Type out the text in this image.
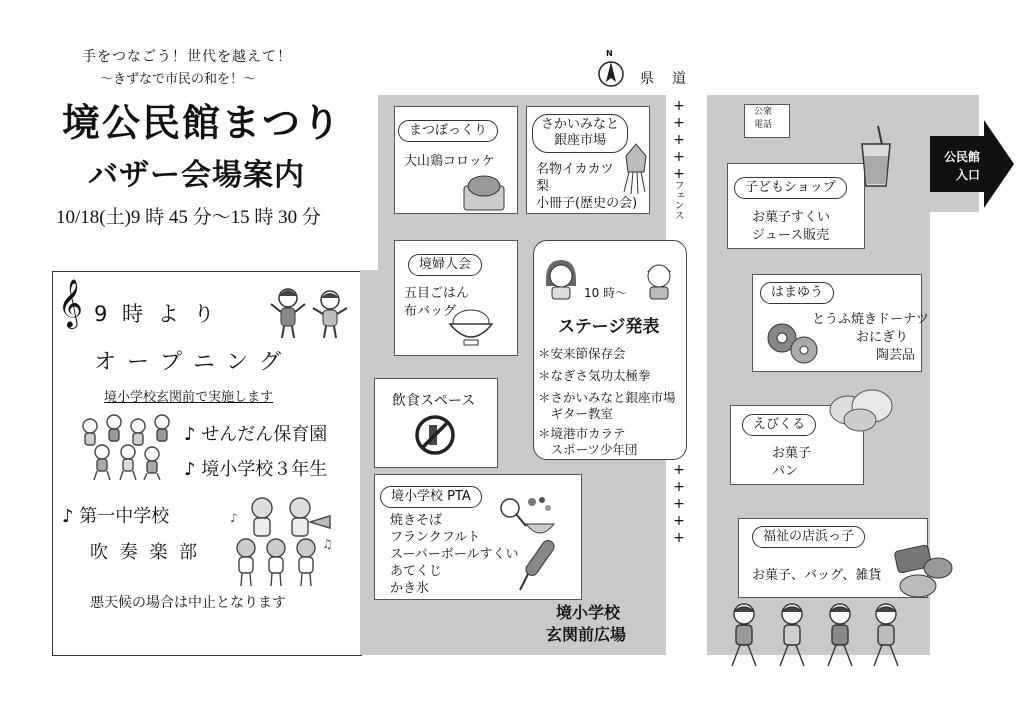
手をつなごう！世代を越えて！
～きずなで市民の和を！～
境公民館まつり
バザー会場案内
10/18(土)9 時 45 分～15 時 30 分
𝄞 9 時 よ り
オ ー プ ニ ン グ
境小学校玄関前で実施します
♪ せんだん保育園
♪ 境小学校３年生
♪ 第一中学校
吹 奏 楽 部
悪天候の場合は中止となります
♪
♫
N
県　道
+
+
+
+
+
フェンス
+
+
+
+
+
公民館
入口
公衆
電話
まつぼっくり
大山鶏コロッケ
さかいみなと
銀座市場
名物イカカツ
梨
小冊子(歴史の会)
境婦人会
五目ごはん
布バッグ
飲食スペース
境小学校 PTA
焼きそば
フランクフルト
スーパーボールすくい
あてくじ
かき氷
10 時～
ステージ発表
＊安来節保存会
＊なぎさ気功太極拳
＊さかいみなと銀座市場
　ギター教室
＊境港市カラテ
　スポーツ少年団
境小学校
玄関前広場
子どもショップ
お菓子すくい
ジュース販売
はまゆう
とうふ焼きドーナツ
おにぎり
陶芸品
えびくる
お菓子
パン
福祉の店浜っ子
お菓子、バッグ、雑貨
